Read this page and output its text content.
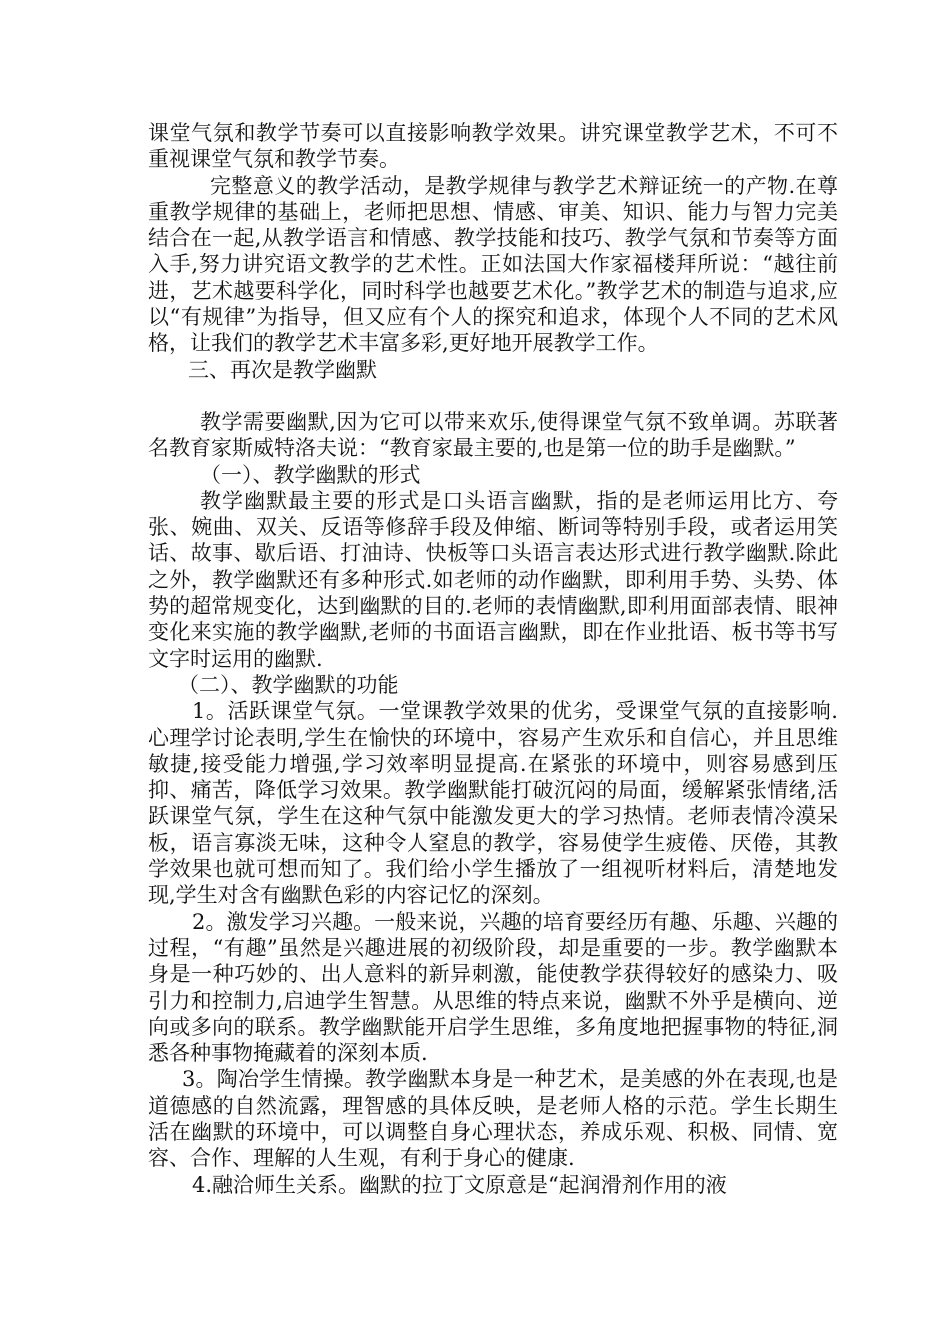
课堂气氛和教学节奏可以直接影响教学效果。讲究课堂教学艺术，不可不重视课堂气氛和教学节奏。

完整意义的教学活动，是教学规律与教学艺术辩证统一的产物.在尊重教学规律的基础上，老师把思想、情感、审美、知识、能力与智力完美结合在一起,从教学语言和情感、教学技能和技巧、教学气氛和节奏等方面入手,努力讲究语文教学的艺术性。正如法国大作家福楼拜所说：“越往前进，艺术越要科学化，同时科学也越要艺术化。”教学艺术的制造与追求,应以“有规律”为指导，但又应有个人的探究和追求，体现个人不同的艺术风格，让我们的教学艺术丰富多彩,更好地开展教学工作。

三、再次是教学幽默

教学需要幽默,因为它可以带来欢乐,使得课堂气氛不致单调。苏联著名教育家斯威特洛夫说：“教育家最主要的,也是第一位的助手是幽默。”

（一）、教学幽默的形式

教学幽默最主要的形式是口头语言幽默，指的是老师运用比方、夸张、婉曲、双关、反语等修辞手段及伸缩、断词等特别手段，或者运用笑话、故事、歇后语、打油诗、快板等口头语言表达形式进行教学幽默.除此之外，教学幽默还有多种形式.如老师的动作幽默，即利用手势、头势、体势的超常规变化，达到幽默的目的.老师的表情幽默,即利用面部表情、眼神变化来实施的教学幽默,老师的书面语言幽默，即在作业批语、板书等书写文字时运用的幽默.

（二）、教学幽默的功能

1。活跃课堂气氛。一堂课教学效果的优劣，受课堂气氛的直接影响.心理学讨论表明,学生在愉快的环境中，容易产生欢乐和自信心，并且思维敏捷,接受能力增强,学习效率明显提高.在紧张的环境中，则容易感到压抑、痛苦，降低学习效果。教学幽默能打破沉闷的局面，缓解紧张情绪,活跃课堂气氛，学生在这种气氛中能激发更大的学习热情。老师表情冷漠呆板，语言寡淡无味，这种令人窒息的教学，容易使学生疲倦、厌倦，其教学效果也就可想而知了。我们给小学生播放了一组视听材料后，清楚地发现,学生对含有幽默色彩的内容记忆的深刻。

2。激发学习兴趣。一般来说，兴趣的培育要经历有趣、乐趣、兴趣的过程，“有趣”虽然是兴趣进展的初级阶段，却是重要的一步。教学幽默本身是一种巧妙的、出人意料的新异刺激，能使教学获得较好的感染力、吸引力和控制力,启迪学生智慧。从思维的特点来说，幽默不外乎是横向、逆向或多向的联系。教学幽默能开启学生思维，多角度地把握事物的特征,洞悉各种事物掩藏着的深刻本质.

3。陶冶学生情操。教学幽默本身是一种艺术，是美感的外在表现,也是道德感的自然流露，理智感的具体反映，是老师人格的示范。学生长期生活在幽默的环境中，可以调整自身心理状态，养成乐观、积极、同情、宽容、合作、理解的人生观，有利于身心的健康.

4.融洽师生关系。幽默的拉丁文原意是“起润滑剂作用的液
